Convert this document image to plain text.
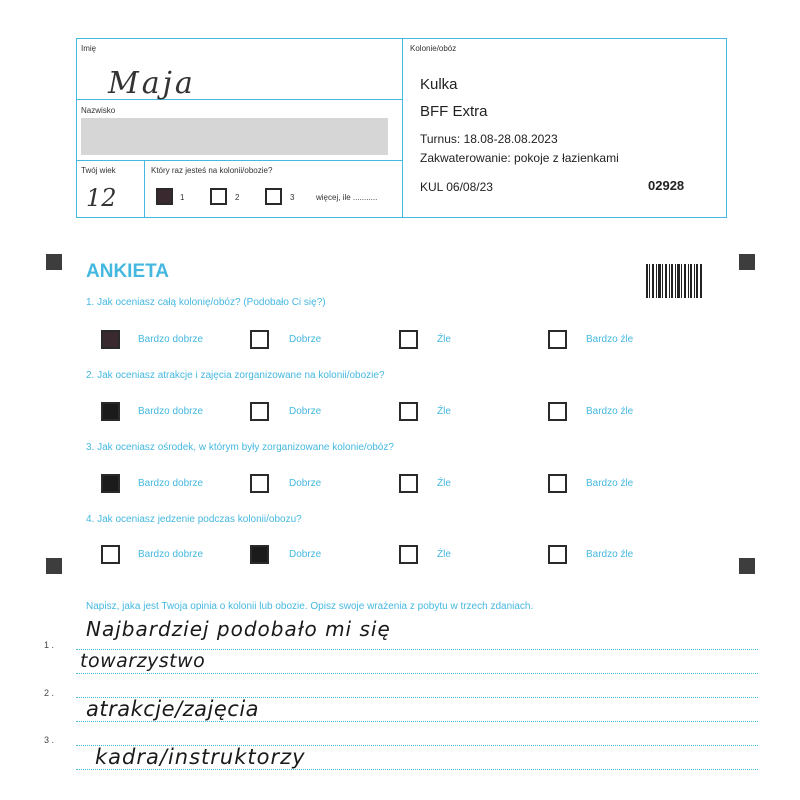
Imię
Maja
Nazwisko
Twój wiek
12
Który raz jesteś na kolonii/obozie?
1	2	3	więcej, ile ...........
Kolonie/obóz
Kulka
BFF Extra
Turnus: 18.08-28.08.2023
Zakwaterowanie: pokoje z łazienkami
KUL 06/08/23	02928
ANKIETA
1. Jak oceniasz całą kolonię/obóz? (Podobało Ci się?)
Bardzo dobrze	Dobrze	Źle	Bardzo źle
2. Jak oceniasz atrakcje i zajęcia zorganizowane na kolonii/obozie?
Bardzo dobrze	Dobrze	Źle	Bardzo źle
3. Jak oceniasz ośrodek, w którym były zorganizowane kolonie/obóz?
Bardzo dobrze	Dobrze	Źle	Bardzo źle
4. Jak oceniasz jedzenie podczas kolonii/obozu?
Bardzo dobrze	Dobrze	Źle	Bardzo źle
Napisz, jaka jest Twoja opinia o kolonii lub obozie. Opisz swoje wrażenia z pobytu w trzech zdaniach.
1 .
2 .
3 .
Najbardziej podobało mi się
towarzystwo
atrakcje/zajęcia
kadra/instruktorzy
